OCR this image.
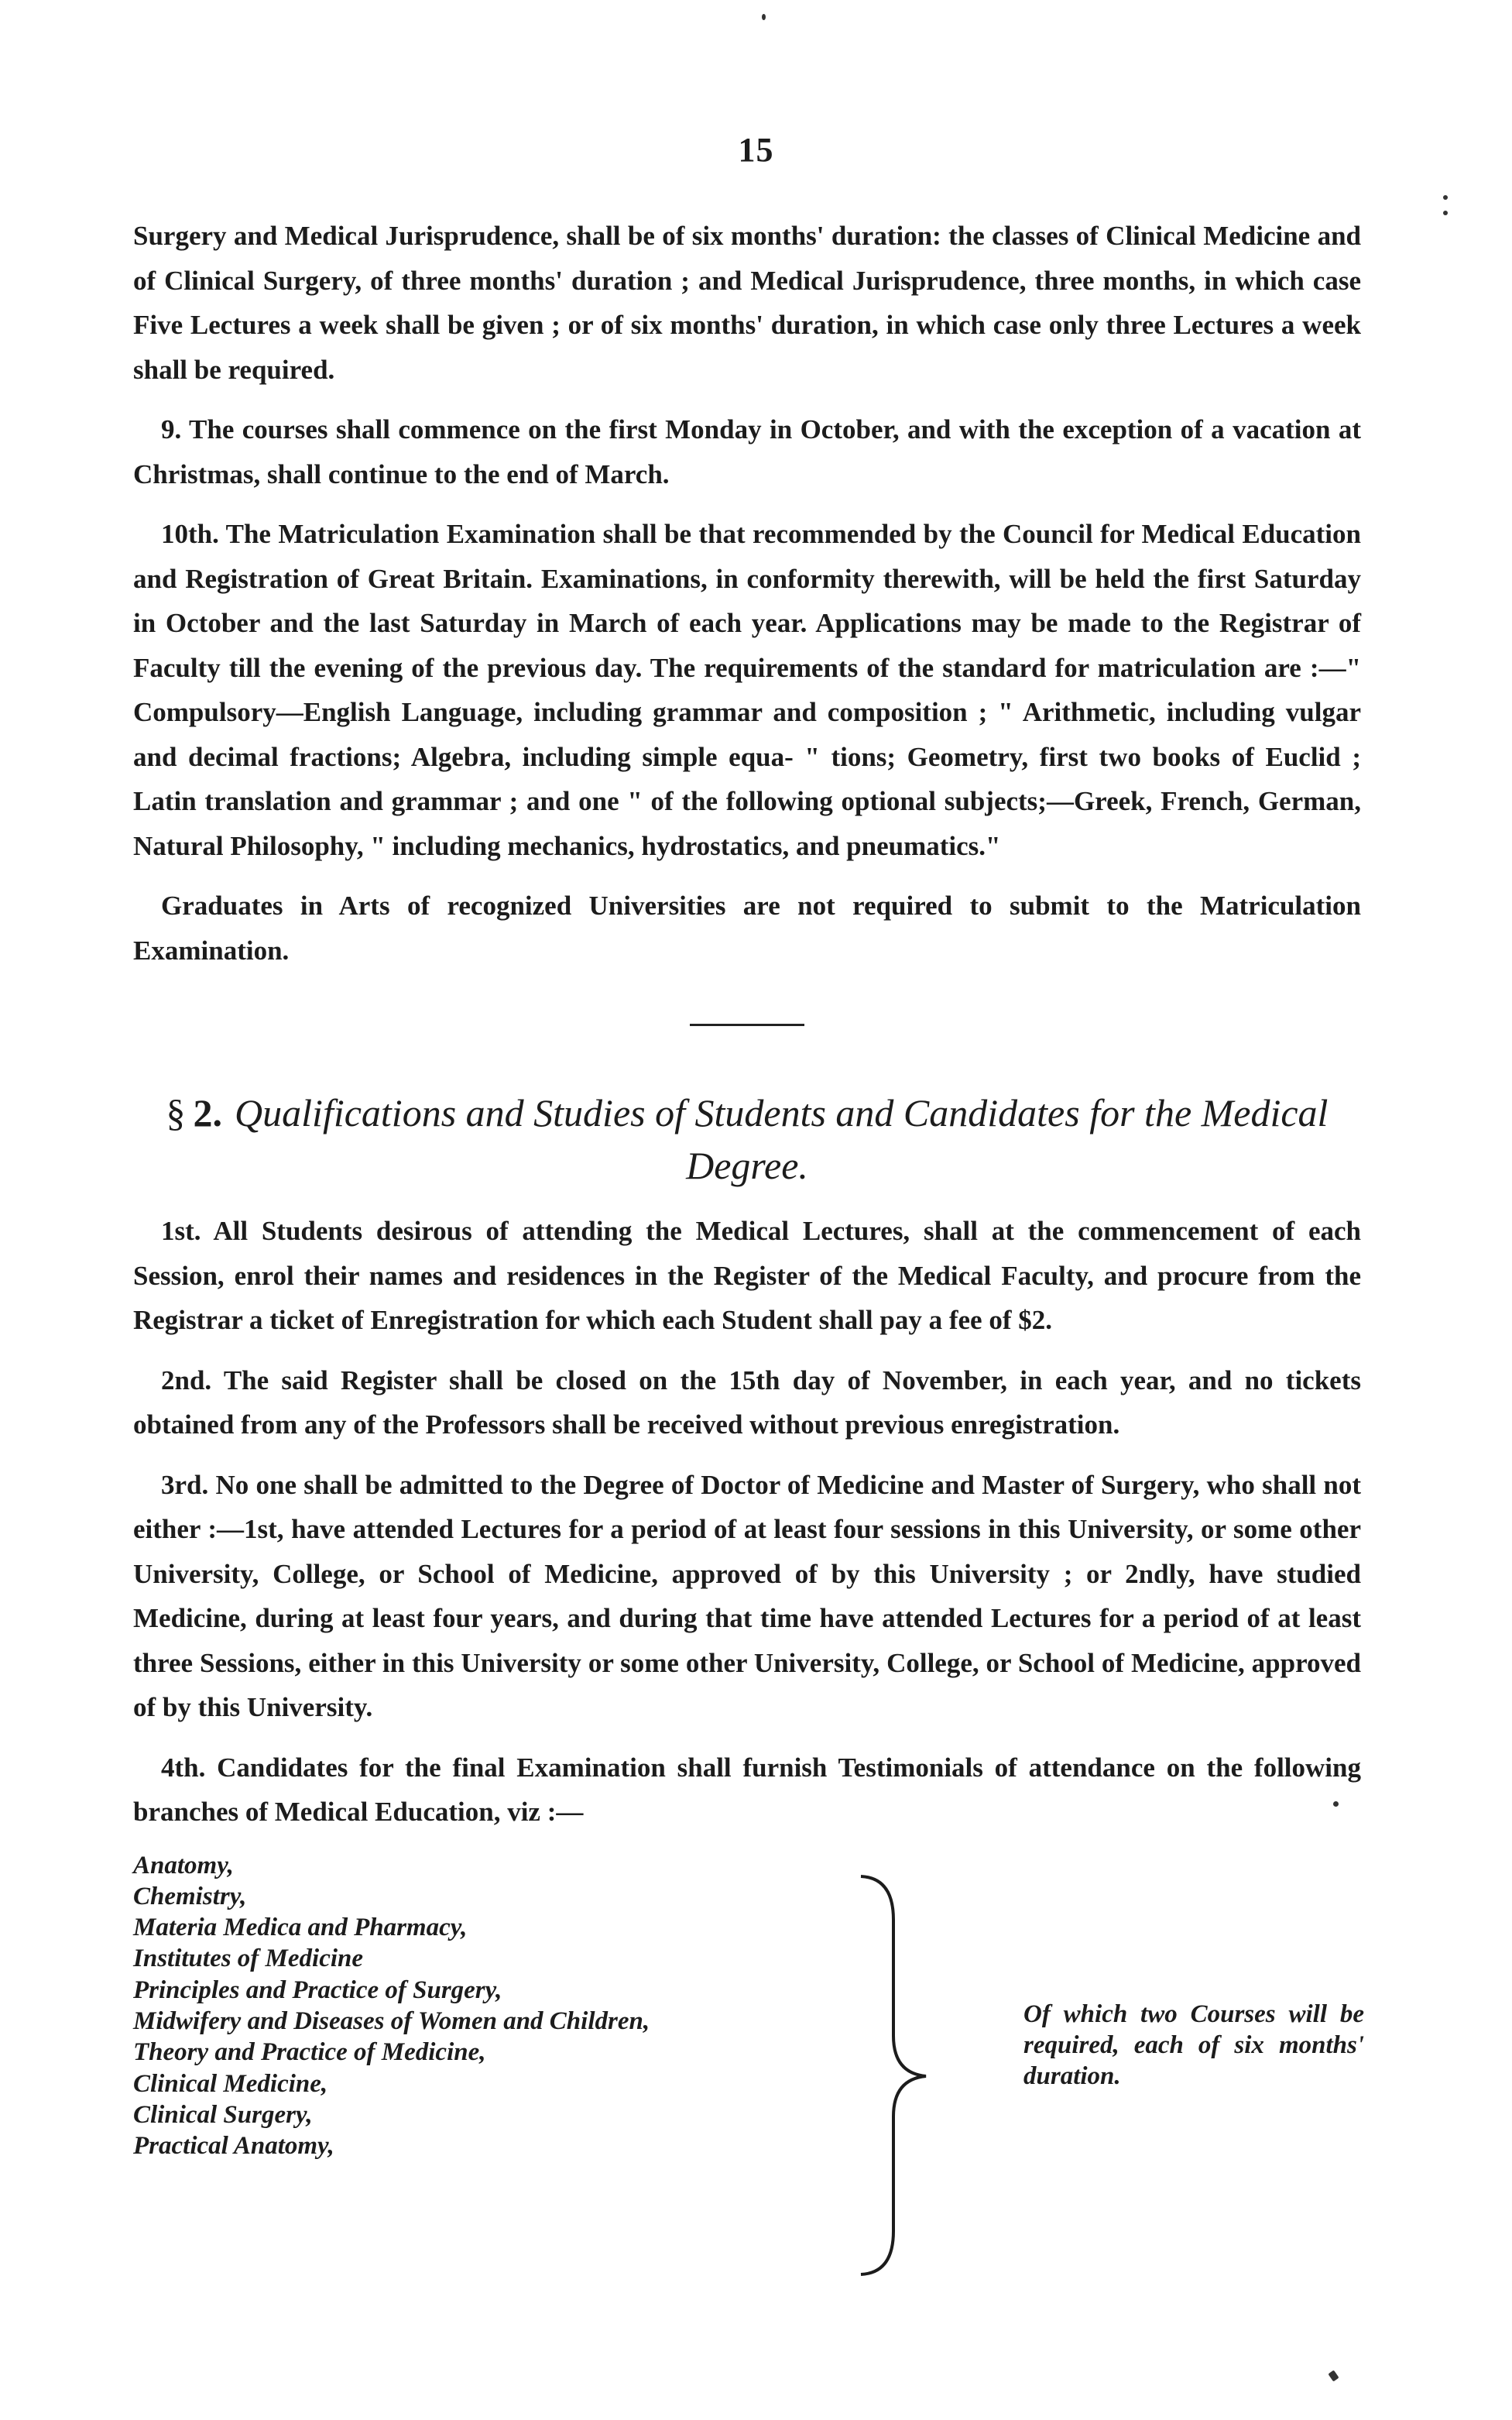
15

Surgery and Medical Jurisprudence, shall be of six months' duration: the classes of Clinical Medicine and of Clinical Surgery, of three months' duration ; and Medical Jurisprudence, three months, in which case Five Lectures a week shall be given ; or of six months' duration, in which case only three Lectures a week shall be required.

9. The courses shall commence on the first Monday in October, and with the exception of a vacation at Christmas, shall continue to the end of March.

10th. The Matriculation Examination shall be that recommended by the Council for Medical Education and Registration of Great Britain. Examinations, in conformity therewith, will be held the first Saturday in October and the last Saturday in March of each year. Applications may be made to the Registrar of Faculty till the evening of the previous day. The requirements of the standard for matriculation are :—" Compulsory—English Language, including grammar and composition ; " Arithmetic, including vulgar and decimal fractions; Algebra, including simple equa- " tions; Geometry, first two books of Euclid ; Latin translation and grammar ; and one " of the following optional subjects;—Greek, French, German, Natural Philosophy, " including mechanics, hydrostatics, and pneumatics."

Graduates in Arts of recognized Universities are not required to submit to the Matriculation Examination.

§ 2. Qualifications and Studies of Students and Candidates for the Medical Degree.

1st. All Students desirous of attending the Medical Lectures, shall at the commencement of each Session, enrol their names and residences in the Register of the Medical Faculty, and procure from the Registrar a ticket of Enregistration for which each Student shall pay a fee of $2.

2nd. The said Register shall be closed on the 15th day of November, in each year, and no tickets obtained from any of the Professors shall be received without previous enregistration.

3rd. No one shall be admitted to the Degree of Doctor of Medicine and Master of Surgery, who shall not either :—1st, have attended Lectures for a period of at least four sessions in this University, or some other University, College, or School of Medicine, approved of by this University ; or 2ndly, have studied Medicine, during at least four years, and during that time have attended Lectures for a period of at least three Sessions, either in this University or some other University, College, or School of Medicine, approved of by this University.

4th. Candidates for the final Examination shall furnish Testimonials of attendance on the following branches of Medical Education, viz :—

Anatomy,
Chemistry,
Materia Medica and Pharmacy,
Institutes of Medicine
Principles and Practice of Surgery,
Midwifery and Diseases of Women and Children,
Theory and Practice of Medicine,
Clinical Medicine,
Clinical Surgery,
Practical Anatomy,
Of which two Courses will be required, each of six months' duration.
